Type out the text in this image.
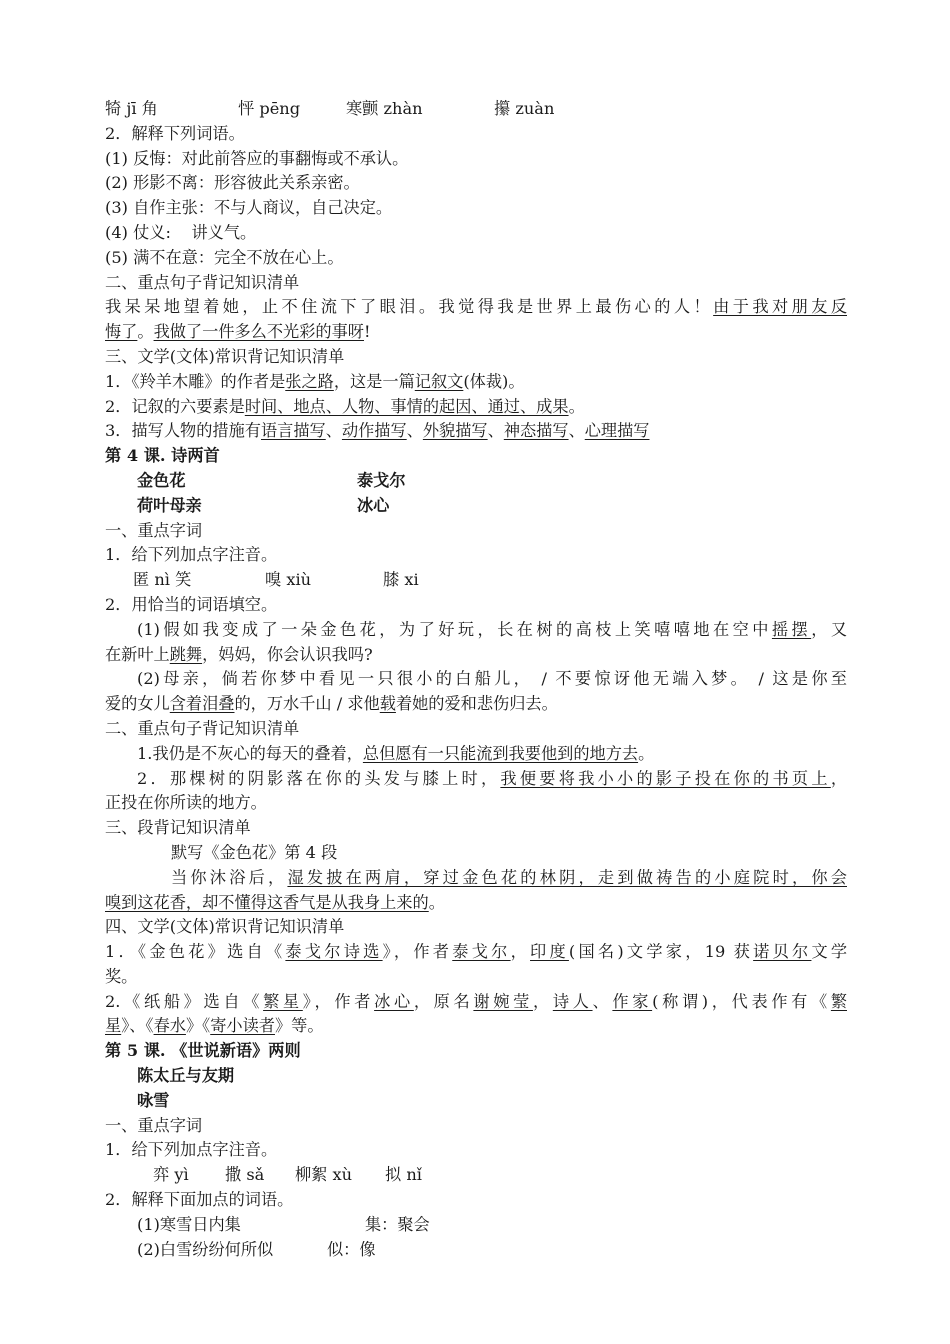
犄 jī 角	怦 pēng	寒颤 zhàn	攥 zuàn
2．解释下列词语。
(1) 反悔：对此前答应的事翻悔或不承认。
(2) 形影不离：形容彼此关系亲密。
(3) 自作主张：不与人商议，自己决定。
(4) 仗义:    讲义气。
(5) 满不在意：完全不放在心上。
二、重点句子背记知识清单
我呆呆地望着她，止不住流下了眼泪。我觉得我是世界上最伤心的人！由于我对朋友反
悔了。我做了一件多么不光彩的事呀!
三、文学(文体)常识背记知识清单
1．《羚羊木雕》的作者是张之路，这是一篇记叙文(体裁)。
2．记叙的六要素是时间、地点、人物、事情的起因、通过、成果。
3．描写人物的措施有语言描写、动作描写、外貌描写、神态描写、心理描写
第 4 课. 诗两首
金色花	泰戈尔
荷叶母亲	冰心
一、重点字词
1．给下列加点字注音。
匿 nì 笑	嗅 xiù	膝 xi
2．用恰当的词语填空。
(1)假如我变成了一朵金色花，为了好玩，长在树的高枝上笑嘻嘻地在空中摇摆，又
在新叶上跳舞，妈妈，你会认识我吗?
(2)母亲，倘若你梦中看见一只很小的白船儿， / 不要惊讶他无端入梦。 / 这是你至
爱的女儿含着泪叠的，万水千山 / 求他载着她的爱和悲伤归去。
二、重点句子背记知识清单
1.我仍是不灰心的每天的叠着，总但愿有一只能流到我要他到的地方去。
2．那棵树的阴影落在你的头发与膝上时，我便要将我小小的影子投在你的书页上，
正投在你所读的地方。
三、段背记知识清单
默写《金色花》第 4 段
当你沐浴后，湿发披在两肩，穿过金色花的林阴，走到做祷告的小庭院时，你会
嗅到这花香，却不懂得这香气是从我身上来的。
四、文学(文体)常识背记知识清单
1．《金色花》选自《泰戈尔诗选》，作者泰戈尔，印度(国名)文学家，19 获诺贝尔文学
奖。
2.《纸船》选自《繁星》，作者冰心，原名谢婉莹，诗人、作家(称谓)，代表作有《繁
星》、《春水》《寄小读者》等。
第 5 课. 《世说新语》两则
陈太丘与友期
咏雪
一、重点字词
1．给下列加点字注音。
弈 yì 撒 sǎ 柳絮 xù 拟 nǐ
2．解释下面加点的词语。
(1)寒雪日内集	集：聚会
(2)白雪纷纷何所似	似：像
